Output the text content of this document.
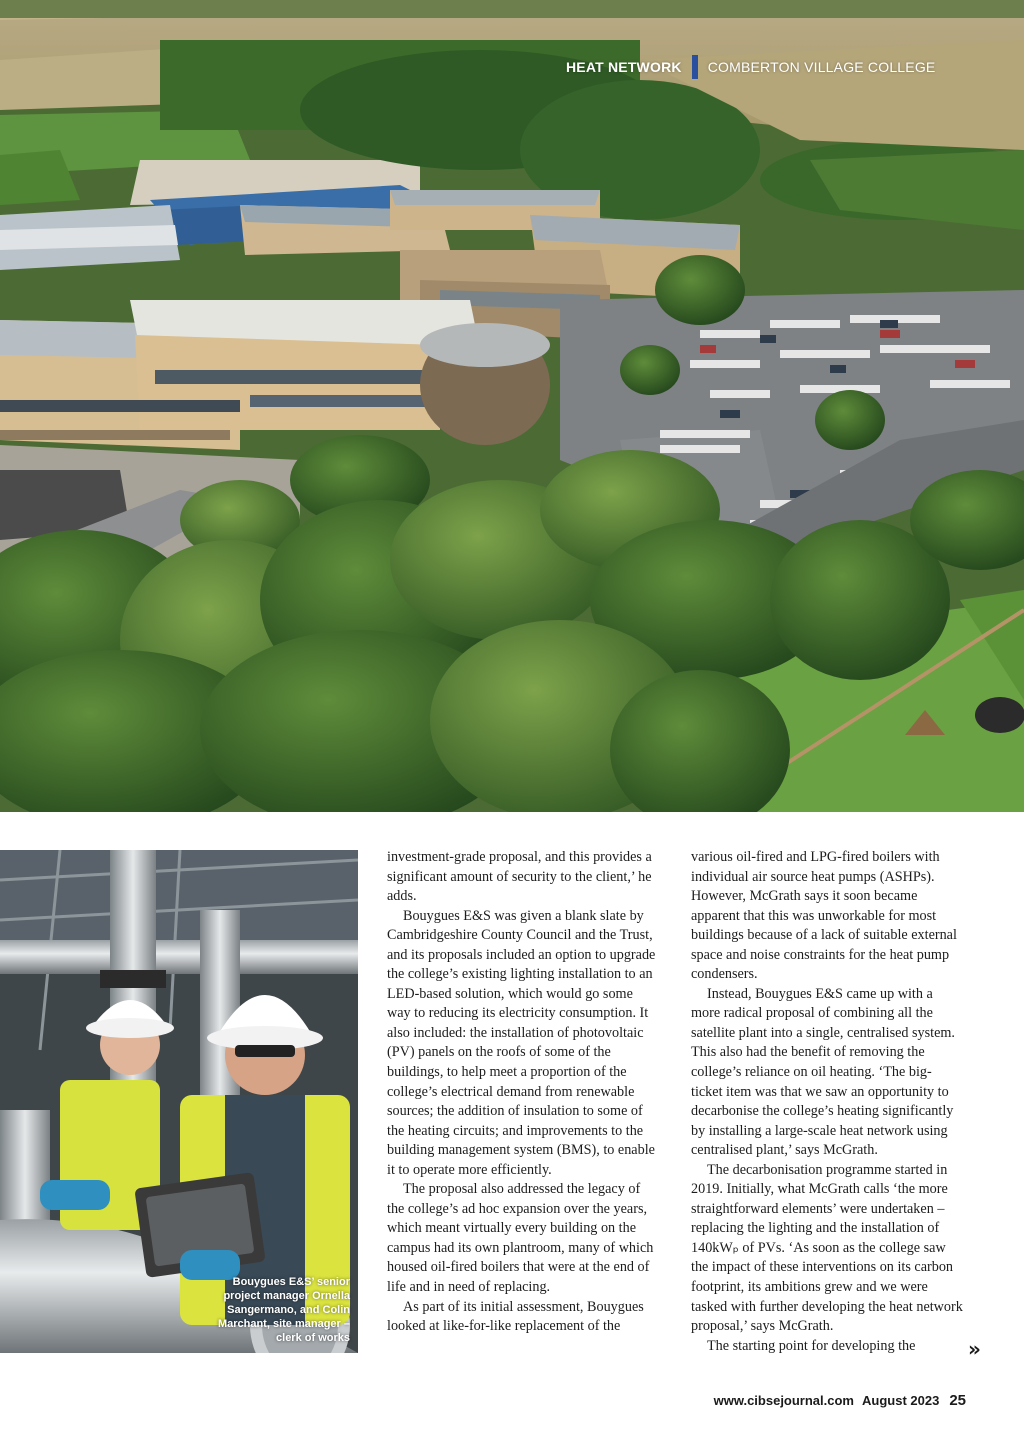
HEAT NETWORK COMBERTON VILLAGE COLLEGE
Bouygues E&S’ senior project manager Ornella Sangermano, and Colin Marchant, site manager – clerk of works

investment-grade proposal, and this provides a significant amount of security to the client,’ he adds.

Bouygues E&S was given a blank slate by Cambridgeshire County Council and the Trust, and its proposals included an option to upgrade the college’s existing lighting installation to an LED-based solution, which would go some way to reducing its electricity consumption. It also included: the installation of photovoltaic (PV) panels on the roofs of some of the buildings, to help meet a proportion of the college’s electrical demand from renewable sources; the addition of insulation to some of the heating circuits; and improvements to the building management system (BMS), to enable it to operate more efficiently.

The proposal also addressed the legacy of the college’s ad hoc expansion over the years, which meant virtually every building on the campus had its own plantroom, many of which housed oil-fired boilers that were at the end of life and in need of replacing.

As part of its initial assessment, Bouygues looked at like-for-like replacement of the

various oil-fired and LPG-fired boilers with individual air source heat pumps (ASHPs). However, McGrath says it soon became apparent that this was unworkable for most buildings because of a lack of suitable external space and noise constraints for the heat pump condensers.

Instead, Bouygues E&S came up with a more radical proposal of combining all the satellite plant into a single, centralised system. This also had the benefit of removing the college’s reliance on oil heating. ‘The big-ticket item was that we saw an opportunity to decarbonise the college’s heating significantly by installing a large-scale heat network using centralised plant,’ says McGrath.

The decarbonisation programme started in 2019. Initially, what McGrath calls ‘the more straightforward elements’ were undertaken – replacing the lighting and the installation of 140kWₚ of PVs. ‘As soon as the college saw the impact of these interventions on its carbon footprint, its ambitions grew and we were tasked with further developing the heat network proposal,’ says McGrath.

The starting point for developing the	»
www.cibsejournal.com August 2023 25
